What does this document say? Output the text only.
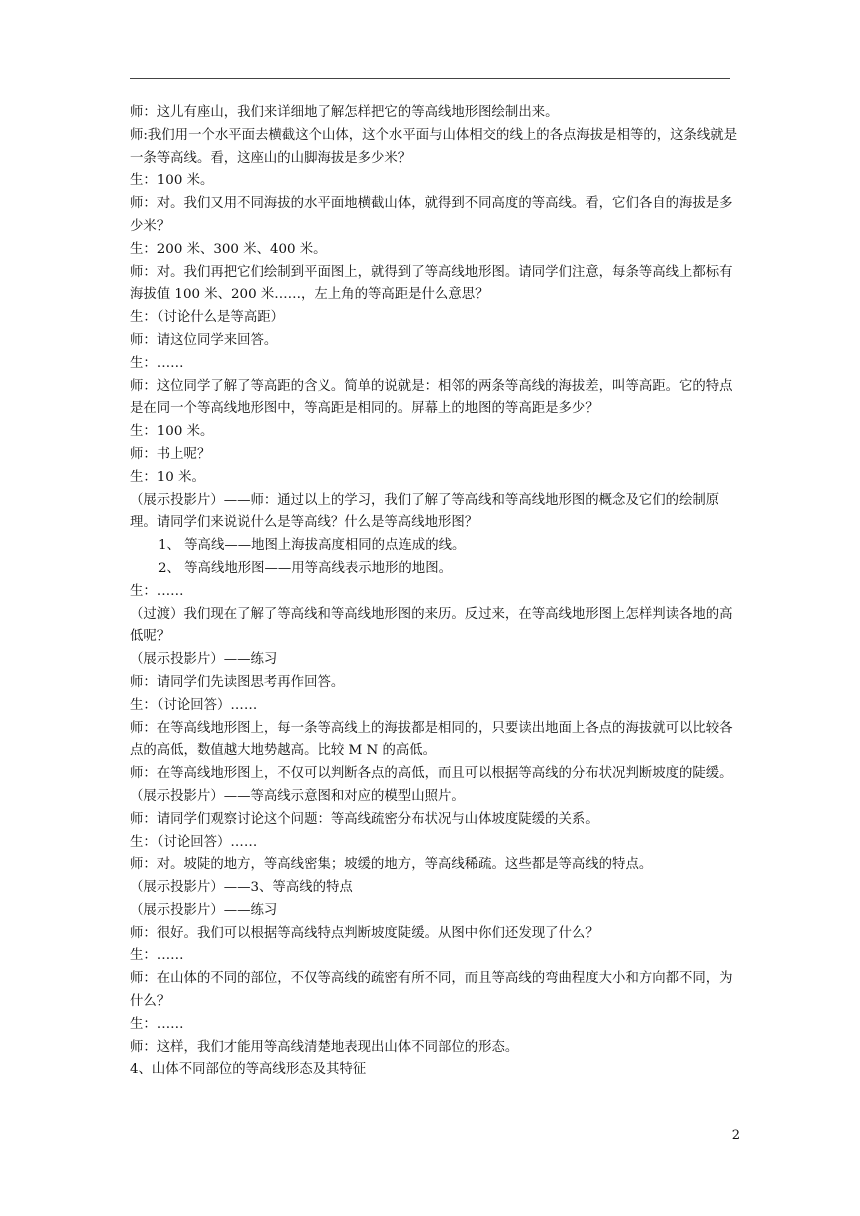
师：这儿有座山，我们来详细地了解怎样把它的等高线地形图绘制出来。

师:我们用一个水平面去横截这个山体，这个水平面与山体相交的线上的各点海拔是相等的，这条线就是一条等高线。看，这座山的山脚海拔是多少米？

生：100 米。

师：对。我们又用不同海拔的水平面地横截山体，就得到不同高度的等高线。看，它们各自的海拔是多少米？

生：200 米、300 米、400 米。

师：对。我们再把它们绘制到平面图上，就得到了等高线地形图。请同学们注意，每条等高线上都标有海拔值 100 米、200 米……，左上角的等高距是什么意思？

生：（讨论什么是等高距）

师：请这位同学来回答。

生：……

师：这位同学了解了等高距的含义。简单的说就是：相邻的两条等高线的海拔差，叫等高距。它的特点是在同一个等高线地形图中，等高距是相同的。屏幕上的地图的等高距是多少？

生：100 米。

师：书上呢？

生：10 米。

（展示投影片）——师：通过以上的学习，我们了解了等高线和等高线地形图的概念及它们的绘制原理。请同学们来说说什么是等高线？什么是等高线地形图？

1、 等高线——地图上海拔高度相同的点连成的线。

2、 等高线地形图——用等高线表示地形的地图。

生：……

（过渡）我们现在了解了等高线和等高线地形图的来历。反过来，在等高线地形图上怎样判读各地的高低呢？

（展示投影片）——练习

师：请同学们先读图思考再作回答。

生：（讨论回答）……

师：在等高线地形图上，每一条等高线上的海拔都是相同的，只要读出地面上各点的海拔就可以比较各点的高低，数值越大地势越高。比较 M N 的高低。

师：在等高线地形图上，不仅可以判断各点的高低，而且可以根据等高线的分布状况判断坡度的陡缓。

（展示投影片）——等高线示意图和对应的模型山照片。

师：请同学们观察讨论这个问题：等高线疏密分布状况与山体坡度陡缓的关系。

生：（讨论回答）……

师：对。坡陡的地方，等高线密集；坡缓的地方，等高线稀疏。这些都是等高线的特点。

（展示投影片）——3、等高线的特点

（展示投影片）——练习

师：很好。我们可以根据等高线特点判断坡度陡缓。从图中你们还发现了什么？

生：……

师：在山体的不同的部位，不仅等高线的疏密有所不同，而且等高线的弯曲程度大小和方向都不同，为什么？

生：……

师：这样，我们才能用等高线清楚地表现出山体不同部位的形态。

4、山体不同部位的等高线形态及其特征

2
